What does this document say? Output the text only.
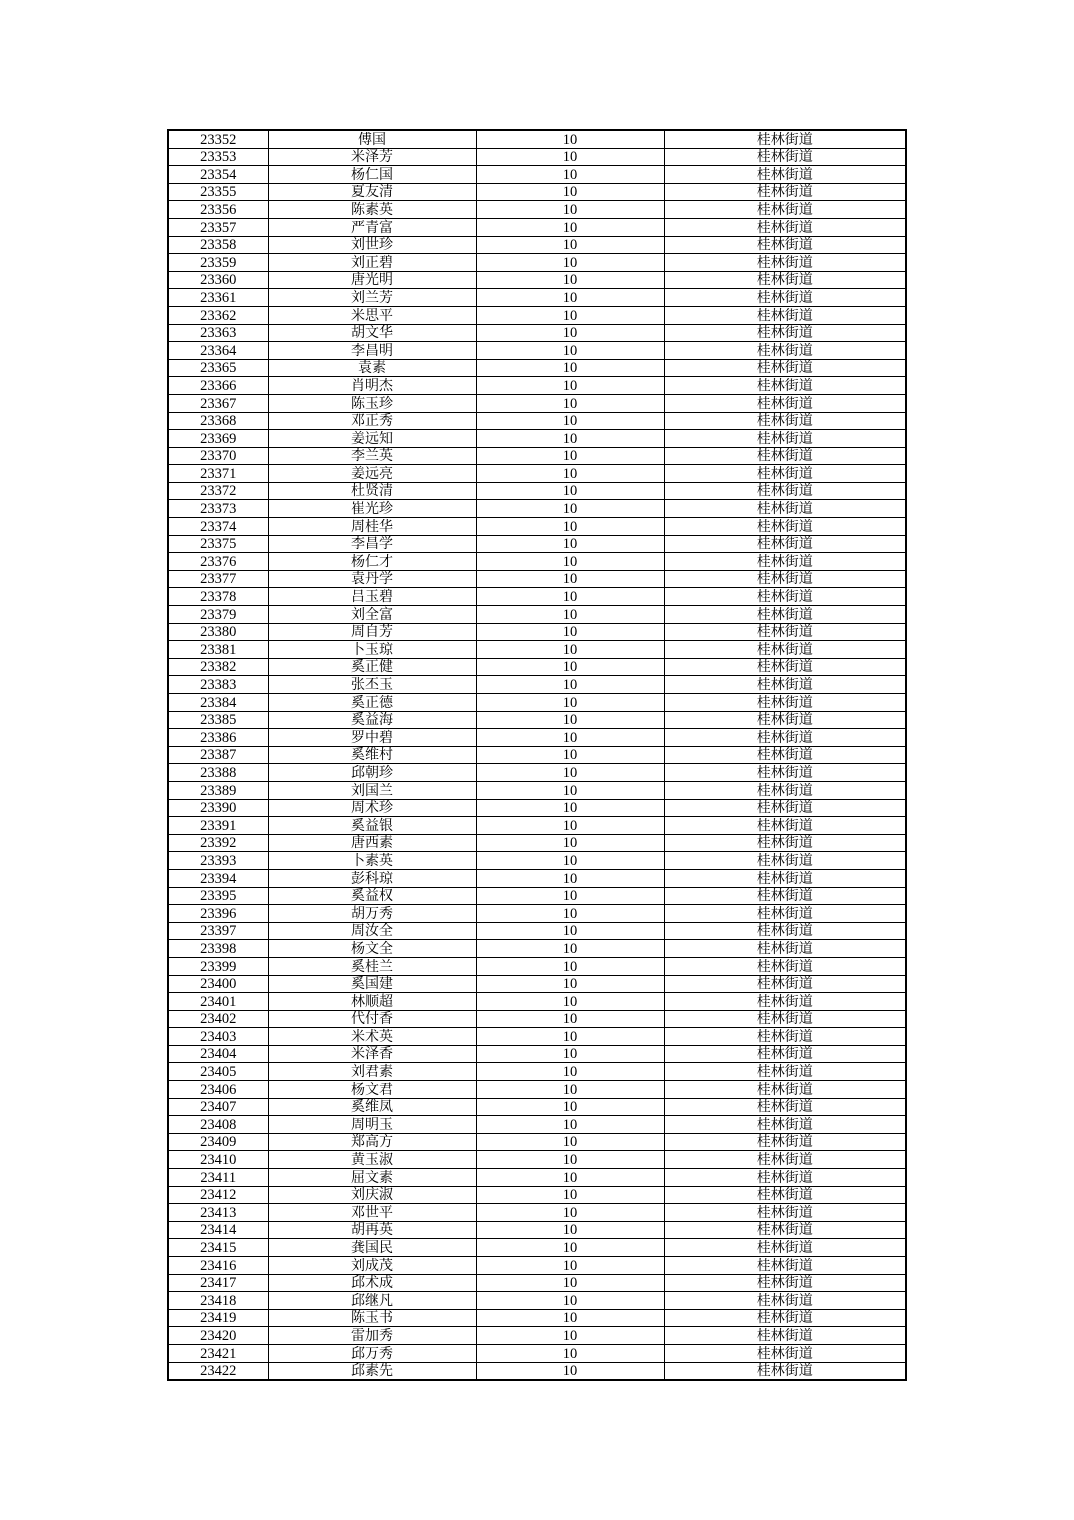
23352	傅国	10	桂林街道
23353	米泽芳	10	桂林街道
23354	杨仁国	10	桂林街道
23355	夏友清	10	桂林街道
23356	陈素英	10	桂林街道
23357	严青富	10	桂林街道
23358	刘世珍	10	桂林街道
23359	刘正碧	10	桂林街道
23360	唐光明	10	桂林街道
23361	刘兰芳	10	桂林街道
23362	米思平	10	桂林街道
23363	胡文华	10	桂林街道
23364	李昌明	10	桂林街道
23365	袁素	10	桂林街道
23366	肖明杰	10	桂林街道
23367	陈玉珍	10	桂林街道
23368	邓正秀	10	桂林街道
23369	姜远知	10	桂林街道
23370	李兰英	10	桂林街道
23371	姜远亮	10	桂林街道
23372	杜贤清	10	桂林街道
23373	崔光珍	10	桂林街道
23374	周桂华	10	桂林街道
23375	李昌学	10	桂林街道
23376	杨仁才	10	桂林街道
23377	袁丹学	10	桂林街道
23378	吕玉碧	10	桂林街道
23379	刘全富	10	桂林街道
23380	周自芳	10	桂林街道
23381	卜玉琼	10	桂林街道
23382	奚正健	10	桂林街道
23383	张丕玉	10	桂林街道
23384	奚正德	10	桂林街道
23385	奚益海	10	桂林街道
23386	罗中碧	10	桂林街道
23387	奚维村	10	桂林街道
23388	邱朝珍	10	桂林街道
23389	刘国兰	10	桂林街道
23390	周术珍	10	桂林街道
23391	奚益银	10	桂林街道
23392	唐西素	10	桂林街道
23393	卜素英	10	桂林街道
23394	彭科琼	10	桂林街道
23395	奚益权	10	桂林街道
23396	胡万秀	10	桂林街道
23397	周汝全	10	桂林街道
23398	杨文全	10	桂林街道
23399	奚桂兰	10	桂林街道
23400	奚国建	10	桂林街道
23401	林顺超	10	桂林街道
23402	代付香	10	桂林街道
23403	米术英	10	桂林街道
23404	米泽香	10	桂林街道
23405	刘君素	10	桂林街道
23406	杨文君	10	桂林街道
23407	奚维凤	10	桂林街道
23408	周明玉	10	桂林街道
23409	郑高方	10	桂林街道
23410	黄玉淑	10	桂林街道
23411	屈文素	10	桂林街道
23412	刘庆淑	10	桂林街道
23413	邓世平	10	桂林街道
23414	胡再英	10	桂林街道
23415	龚国民	10	桂林街道
23416	刘成茂	10	桂林街道
23417	邱术成	10	桂林街道
23418	邱继凡	10	桂林街道
23419	陈玉书	10	桂林街道
23420	雷加秀	10	桂林街道
23421	邱万秀	10	桂林街道
23422	邱素先	10	桂林街道
